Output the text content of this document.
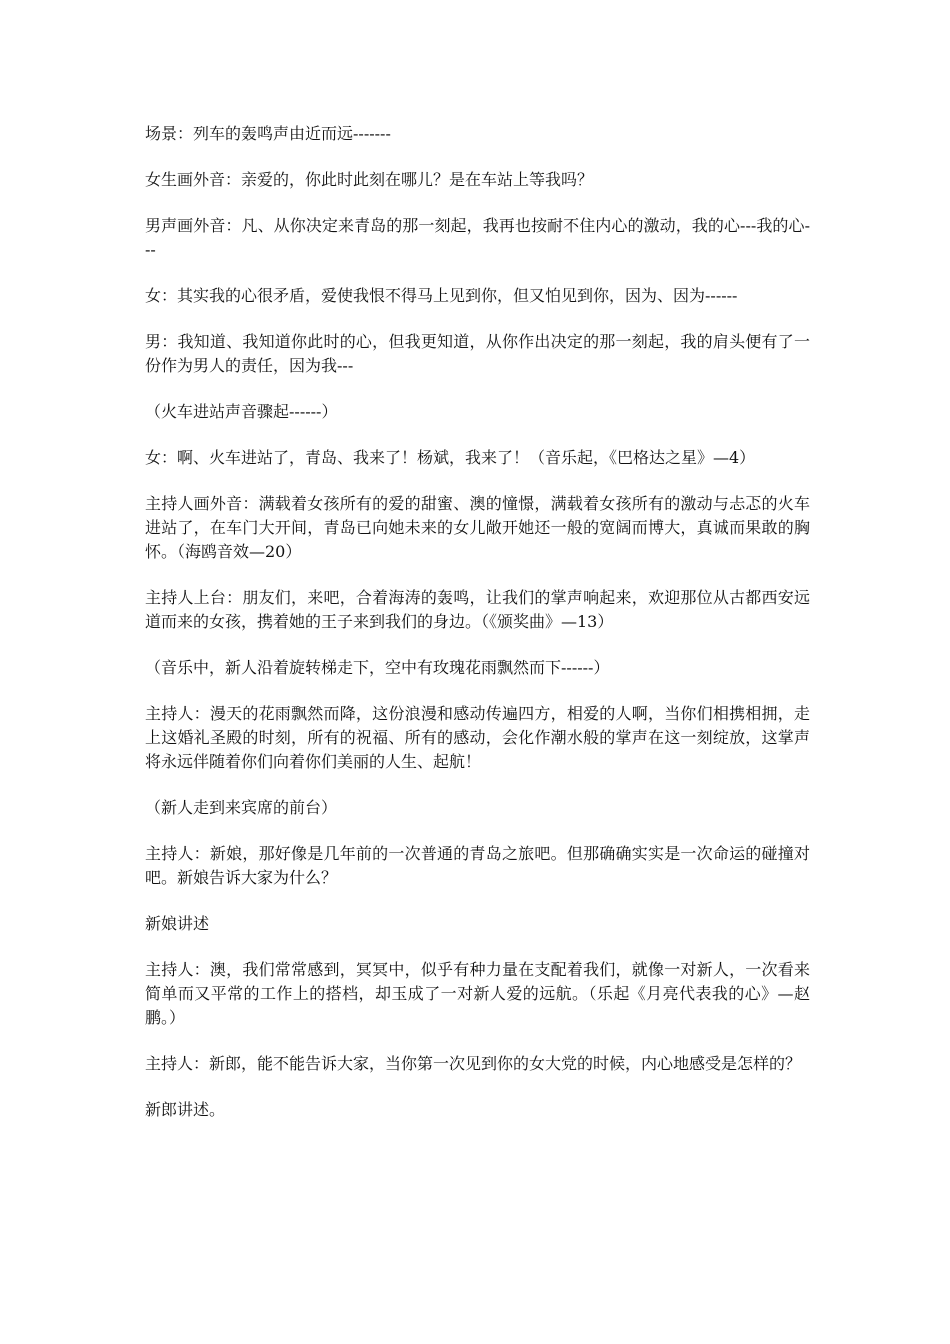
场景：列车的轰鸣声由近而远-------

女生画外音：亲爱的，你此时此刻在哪儿？是在车站上等我吗？

男声画外音：凡、从你决定来青岛的那一刻起，我再也按耐不住内心的激动，我的心---我的心---

女：其实我的心很矛盾，爱使我恨不得马上见到你，但又怕见到你，因为、因为------

男：我知道、我知道你此时的心，但我更知道，从你作出决定的那一刻起，我的肩头便有了一份作为男人的责任，因为我---

（火车进站声音骤起------）

女：啊、火车进站了，青岛、我来了！杨斌，我来了！（音乐起，《巴格达之星》—4）

主持人画外音：满载着女孩所有的爱的甜蜜、澳的憧憬，满载着女孩所有的激动与忐忑的火车进站了，在车门大开间，青岛已向她未来的女儿敞开她还一般的宽阔而博大，真诚而果敢的胸怀。（海鸥音效—20）

主持人上台：朋友们，来吧，合着海涛的轰鸣，让我们的掌声响起来，欢迎那位从古都西安远道而来的女孩，携着她的王子来到我们的身边。（《颁奖曲》—13）

（音乐中，新人沿着旋转梯走下，空中有玫瑰花雨飘然而下------）

主持人：漫天的花雨飘然而降，这份浪漫和感动传遍四方，相爱的人啊，当你们相携相拥，走上这婚礼圣殿的时刻，所有的祝福、所有的感动，会化作潮水般的掌声在这一刻绽放，这掌声将永远伴随着你们向着你们美丽的人生、起航！

（新人走到来宾席的前台）

主持人：新娘，那好像是几年前的一次普通的青岛之旅吧。但那确确实实是一次命运的碰撞对吧。新娘告诉大家为什么？

新娘讲述

主持人：澳，我们常常感到，冥冥中，似乎有种力量在支配着我们，就像一对新人，一次看来简单而又平常的工作上的搭档，却玉成了一对新人爱的远航。（乐起《月亮代表我的心》—赵鹏。）

主持人：新郎，能不能告诉大家，当你第一次见到你的女大党的时候，内心地感受是怎样的？

新郎讲述。
